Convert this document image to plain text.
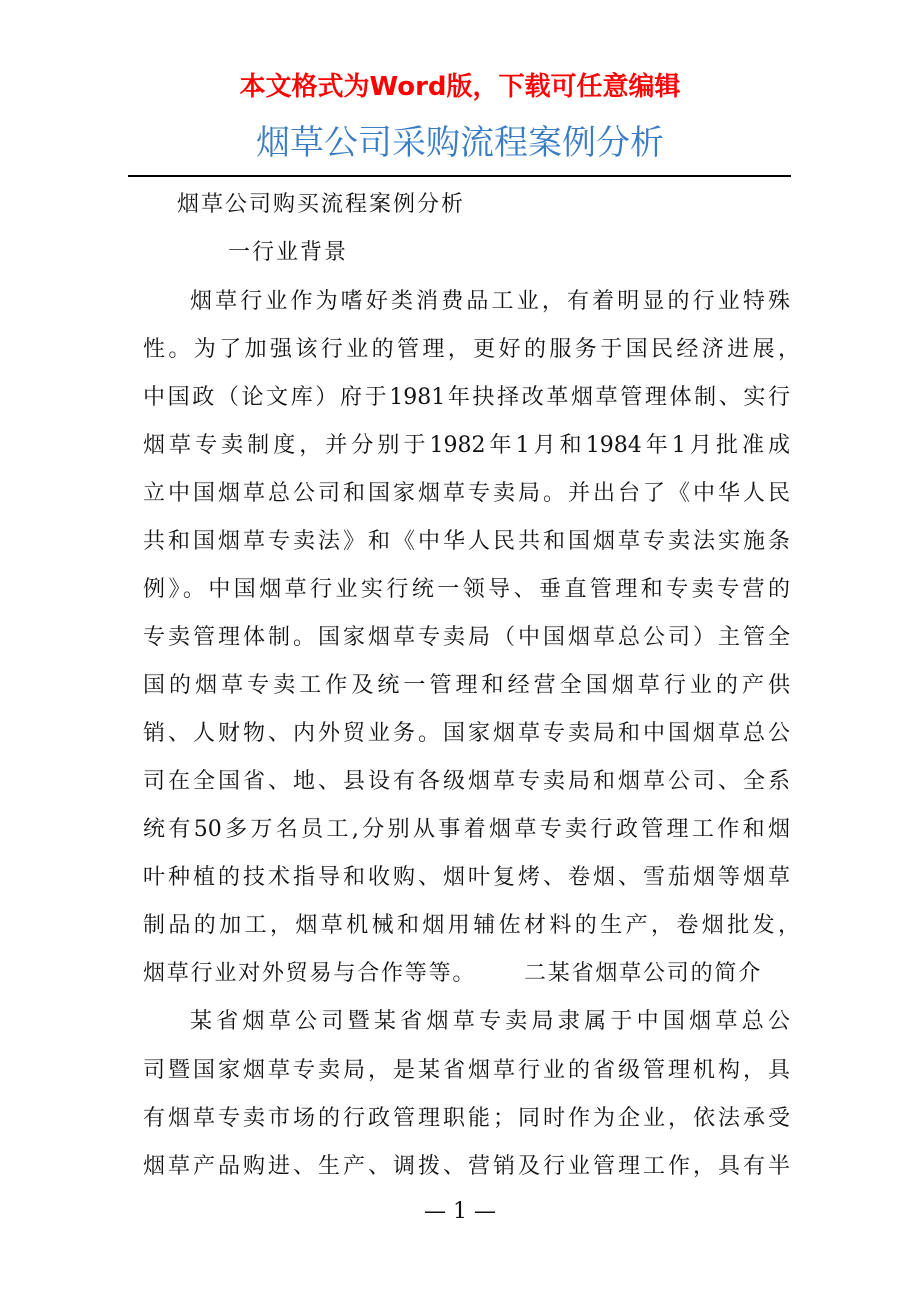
本文格式为Word版，下载可任意编辑
烟草公司采购流程案例分析
烟草公司购买流程案例分析
一行业背景
烟草行业作为嗜好类消费品工业，有着明显的行业特殊
性。为了加强该行业的管理，更好的服务于国民经济进展，
中国政（论文库）府于1981年抉择改革烟草管理体制、实行
烟草专卖制度，并分别于1982年1月和1984年1月批准成
立中国烟草总公司和国家烟草专卖局。并出台了《中华人民
共和国烟草专卖法》和《中华人民共和国烟草专卖法实施条
例》。中国烟草行业实行统一领导、垂直管理和专卖专营的
专卖管理体制。国家烟草专卖局（中国烟草总公司）主管全
国的烟草专卖工作及统一管理和经营全国烟草行业的产供
销、人财物、内外贸业务。国家烟草专卖局和中国烟草总公
司在全国省、地、县设有各级烟草专卖局和烟草公司、全系
统有50多万名员工,分别从事着烟草专卖行政管理工作和烟
叶种植的技术指导和收购、烟叶复烤、卷烟、雪茄烟等烟草
制品的加工，烟草机械和烟用辅佐材料的生产，卷烟批发，
烟草行业对外贸易与合作等等。 二某省烟草公司的简介
某省烟草公司暨某省烟草专卖局隶属于中国烟草总公
司暨国家烟草专卖局，是某省烟草行业的省级管理机构，具
有烟草专卖市场的行政管理职能；同时作为企业，依法承受
烟草产品购进、生产、调拨、营销及行业管理工作，具有半
— 1 —
